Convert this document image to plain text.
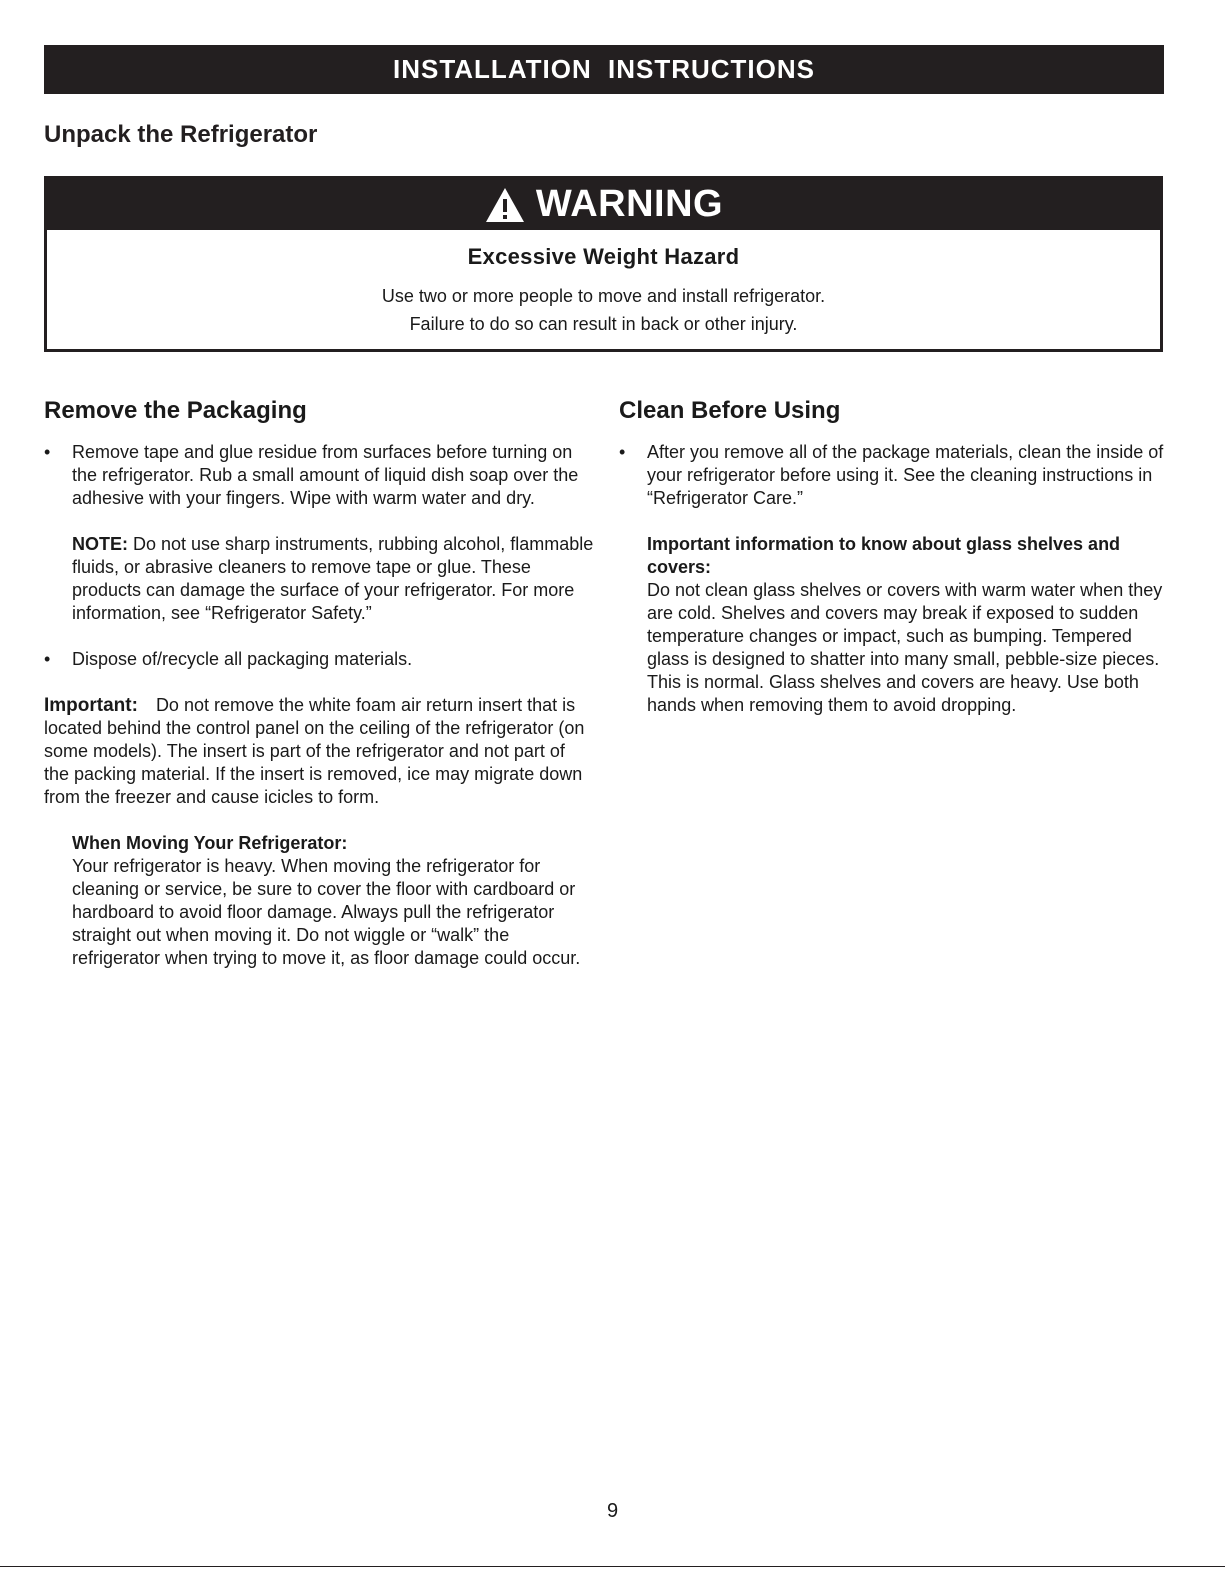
INSTALLATION INSTRUCTIONS
Unpack the Refrigerator
WARNING
Excessive Weight Hazard
Use two or more people to move and install refrigerator.
Failure to do so can result in back or other injury.
Remove the Packaging
• Remove tape and glue residue from surfaces before turning on the refrigerator. Rub a small amount of liquid dish soap over the adhesive with your fingers. Wipe with warm water and dry.
NOTE: Do not use sharp instruments, rubbing alcohol, flammable fluids, or abrasive cleaners to remove tape or glue. These products can damage the surface of your refrigerator. For more information, see “Refrigerator Safety.”
• Dispose of/recycle all packaging materials.
Important: Do not remove the white foam air return insert that is located behind the control panel on the ceiling of the refrigerator (on some models). The insert is part of the refrigerator and not part of the packing material. If the insert is removed, ice may migrate down from the freezer and cause icicles to form.
When Moving Your Refrigerator:
Your refrigerator is heavy. When moving the refrigerator for cleaning or service, be sure to cover the floor with cardboard or hardboard to avoid floor damage. Always pull the refrigerator straight out when moving it. Do not wiggle or “walk” the refrigerator when trying to move it, as floor damage could occur.
Clean Before Using
• After you remove all of the package materials, clean the inside of your refrigerator before using it. See the cleaning instructions in “Refrigerator Care.”
Important information to know about glass shelves and covers:
Do not clean glass shelves or covers with warm water when they are cold. Shelves and covers may break if exposed to sudden temperature changes or impact, such as bumping. Tempered glass is designed to shatter into many small, pebble-size pieces. This is normal. Glass shelves and covers are heavy. Use both hands when removing them to avoid dropping.
9
